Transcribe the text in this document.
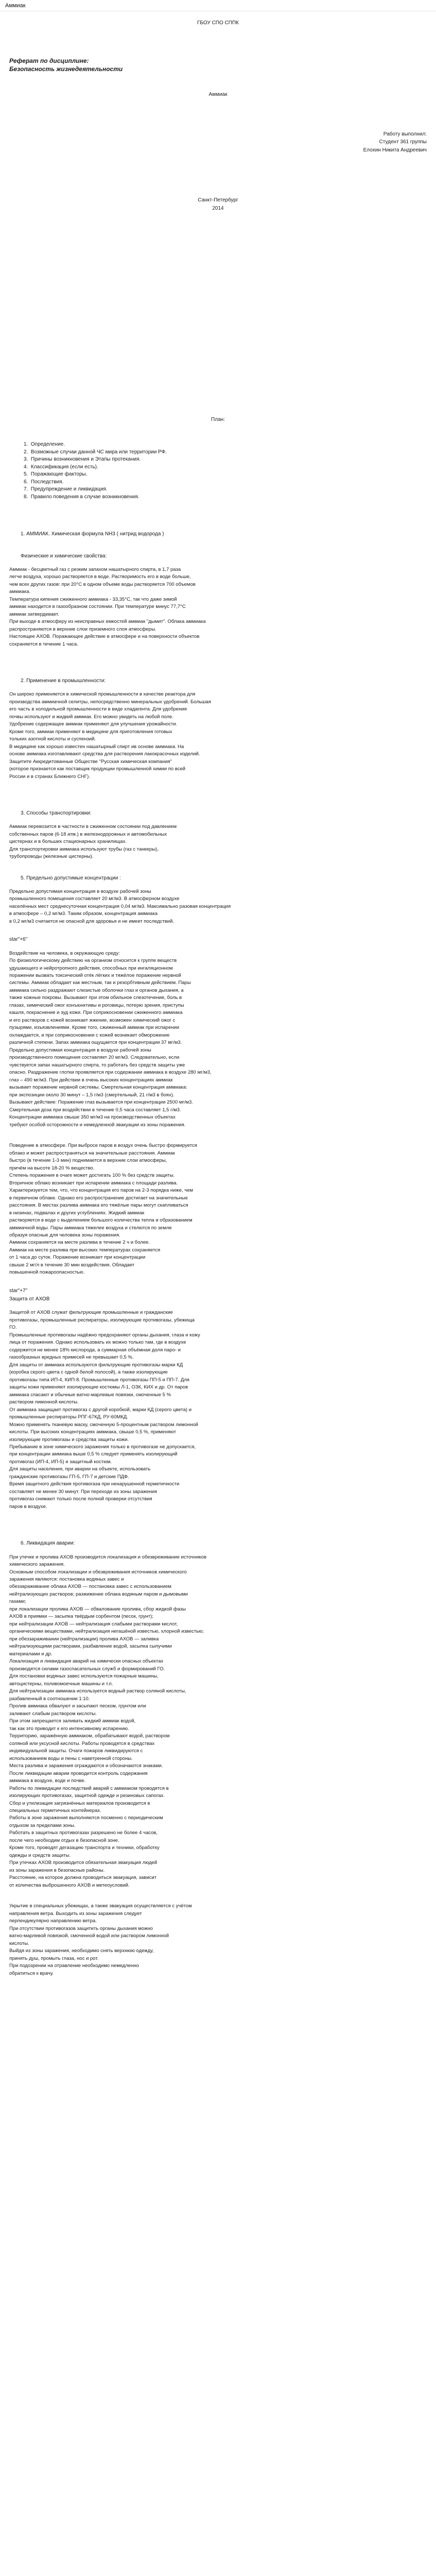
Аммиак
ГБОУ СПО СППК
Реферат по дисциплине:
Безопасность жизнедеятельности
Аммиак
Работу выполнил:
Студент 361 группы
Елохин Никита Андреевич
Санкт-Петербург
2014
План:
1.  Определение.
2.  Возможные случаи данной ЧС мира или территории РФ.
3.  Причины возникновения и Этапы протекания.
4.  Классификация (если есть).
5.  Поражающие факторы.
6.  Последствия.
7.  Предупреждение и ликвидация.
8.  Правило поведения в случае возникновения.
1. АММИАК. Химическая формула NH3 ( нитрид водорода )
Физические и химические свойства:

Аммиак - бесцветный газ с резким запахом нашатырного спирта, в 1,7 раза

легче воздуха, хорошо растворяется в воде. Растворимость его в воде больше,

чем всех других газов: при 20°С в одном объеме воды растворяется 700 объемов

аммиака.

Температура кипения сжиженного аммиака - 33,35°С, так что даже зимой

аммиак находится в газообразном состоянии. При температуре минус 77,7°С

аммиак затвердевает.

При выходе в атмосферу из неисправных емкостей аммиак "дымит". Облака аммиака

распространяются в верхние слои приземного слоя атмосферы.

Настоящее АХОВ. Поражающее действие в атмосфере и на поверхности объектов

сохраняется в течение 1 часа.

2. Применение в промышленности:

Он широко применяется в химической промышленности в качестве реактора для

производства аммиачной селитры, непосредственно минеральных удобрений. Большая

его часть в холодильной промышленности в виде хладагента. Для удобрения

почвы используют и жидкий аммиак. Его можно увидеть на любой поле.

Удобрение содержащее аммиак применяют для улучшения урожайности.

Кроме того, аммиак применяют в медицине для приготовления готовых

тольких азотной кислоты и суспензий.

В медицине как хорошо известен нашатырный спирт ив основе аммиака. На

основе аммиака изготавливают средства для растворения лакокрасочных изделий.

Защитите Аккредитованные Обществе "Русская химическая компания"

(которое признается как поставщик продукции промышленной химии по всей

России и в странах Ближнего СНГ).

3. Способы транспортировки:

Аммиак перевозится в частности в сжиженном состоянии под давлением

собственных паров (6-18 атм.) в железнодорожных и автомобильных

цистернах и в больших стационарных хранилищах.

Для транспортировки аммиака используют трубы (газ с танкеры),

трубопроводы (железные цистерны).

5. Предельно допустимые концентрации :

Предельно допустимая концентрация в воздухе рабочей зоны

промышленного помещения составляет 20 мг/м3. В атмосферном воздухе

населённых мест среднесуточная концентрация 0,04 мг/м3. Максимально разовая концентрация

в атмосфере – 0,2 мг/м3. Таким образом, концентрация аммиака

в 0,2 мг/м3 считается не опасной для здоровья и не имеет последствий.

star"+6"

Воздействие на человека, в окружающую среду:

По физиологическому действию на организм относится к группе веществ

удушающего и нейротропного действия, способных при ингаляционном

поражении вызвать токсический отёк лёгких и тяжёлое поражение нервной

системы. Аммиак обладает как местным, так и резорбтивным действием. Пары

аммиака сильно раздражают слизистые оболочки глаз и органов дыхания, а

также кожные покровы. Вызывают при этом обильное слезотечение, боль в

глазах, химический ожог конъюнктивы и роговицы, потерю зрения, приступы

кашля, покраснение и зуд кожи. При соприкосновении сжиженного аммиака

и его растворов с кожей возникает жжение, возможен химический ожог с

пузырями, изъязвлениями. Кроме того, сжиженный аммиак при испарении

охлаждается, и при соприкосновении с кожей возникает обморожение

различной степени. Запах аммиака ощущается при концентрации 37 мг/м3.

Предельно допустимая концентрация в воздухе рабочей зоны

производственного помещения составляет 20 мг/м3. Следовательно, если

чувствуется запах нашатырного спирта, то работать без средств защиты уже

опасно. Раздражение глотки проявляется при содержании аммиака в воздухе 280 мг/м3,

глаз – 490 мг/м3. При действии в очень высоких концентрациях аммиак

вызывает поражение нервной системы. Смертельная концентрация аммиака:

при экспозиции около 30 минут – 1,5 г/м3 (смертельный, 21 г/м3 в боях).

Вызывают действие: Поражение глаз вызывается при концентрации 2500 мг/м3.

Смертельная доза при воздействии в течение 0,5 часа составляет 1,5 г/м3.

Концентрации аммиака свыше 350 мг/м3 на производственных объектах

требуют особой осторожности и немедленной эвакуации из зоны поражения.

Поведение в атмосфере. При выбросе паров в воздух очень быстро формируется

облако и может распространяться на значительные расстояния. Аммиак

быстро (в течение 1-3 мин) поднимается в верхние слои атмосферы,

причём на высоте 18-20 % вещество.

Степень поражения в очаге может достигать 100 % без средств защиты.

Вторичное облако возникает при испарении аммиака с площади разлива.

Характеризуется тем, что, что концентрация его паров на 2-3 порядка ниже, чем

в первичном облаке. Однако его распространение достигает на значительные

расстояния. В местах разлива аммиака его тяжёлые пары могут скапливаться

в низинах, подвалах и других углублениях. Жидкий аммиак

растворяется в воде с выделением большого количества тепла и образованием

аммиачной воды. Пары аммиака тяжелее воздуха и стелются по земле

образуя опасные для человека зоны поражения.

Аммиак сохраняется на месте разлива в течение 2 ч и более.

Аммиак на месте разлива при высоких температурах сохраняется

от 1 часа до суток. Поражение возникает при концентрации

свыше 2 мг/л в течение 30 мин воздействия. Обладает

повышенной пожароопасностью.

star"+7"
Защита от АХОВ

Защитой от АХОВ служат фильтрующие промышленные и гражданские

противогазы, промышленные респираторы, изолирующие противогазы, убежища

ГО.

Промышленные противогазы надёжно предохраняют органы дыхания, глаза и кожу

лица от поражения. Однако использовать их можно только там, где в воздухе

содержится не менее 18% кислорода, а суммарная объёмная доля паро- и

газообразных вредных примесей не превышает 0,5 %.

Для защиты от аммиака используются фильтрующие противогазы марки КД

(коробка серого цвета с одной белой полосой), а также изолирующие

противогазы типа ИП-4, КИП-8. Промышленные противогазы ПП-5 и ПП-7. Для

защиты кожи применяют изолирующие костюмы Л-1, ОЗК, КИХ и др. От паров

аммиака спасают и обычные ватно-марлевые повязки, смоченные 5 %

раствором лимонной кислоты.

От аммиака защищает противогаз с другой коробкой, марки КД (серого цвета) и

промышленные респираторы РПГ-67КД, РУ-60МКД.

Можно применять тканевую маску, смоченную 5-процентным раствором лимонной

кислоты. При высоких концентрациях аммиака, свыше 0,5 %, применяют

изолирующие противогазы и средства защиты кожи.

Пребывание в зоне химического заражения только в противогазе не допускается,

при концентрации аммиака выше 0,5 % следует применять изолирующий

противогаз (ИП-4, ИП-5) и защитный костюм.

Для защиты населения, при аварии на объекте, использовать

гражданские противогазы ГП-5, ГП-7 и детские ПДФ.

Время защитного действия противогаза при ненарушенной герметичности

составляет не менее 30 минут. При переходе из зоны заражения

противогаз снимают только после полной проверки отсутствия

паров в воздухе.

6. Ликвидация аварии:

При утечке и пролива АХОВ производится локализация и обезвреживание источников

химического заражения.

Основным способом локализации и обезвреживания источников химического

заражения являются: постановка водяных завес и

обеззараживание облака АХОВ — постановка завес с использованием

нейтрализующих растворов; разжижение облака водяным паром и дымовыми

газами;

при локализации пролива АХОВ — обвалование пролива, сбор жидкой фазы

АХОВ в приямки — засыпка твёрдым сорбентом (песок, грунт);

при нейтрализации АХОВ — нейтрализация слабыми растворами кислот,

органическими веществами, нейтрализация негашёной известью, хлорной известью;

при обеззараживании (нейтрализации) пролива АХОВ — заливка

нейтрализующими растворами, разбавление водой, засыпка сыпучими

материалами и др.

Локализация и ликвидация аварий на химически опасных объектах

производятся силами газоспасательных служб и формирований ГО.

Для постановки водяных завес используются пожарные машины,

автоцистерны, поливомоечные машины и т.п.

Для нейтрализации аммиака используется водный раствор соляной кислоты,

разбавленный в соотношении 1:10.

Пролив аммиака обвалуют и засыпают песком, грунтом или

заливают слабым раствором кислоты.

При этом запрещается заливать жидкий аммиак водой,

так как это приводит к его интенсивному испарению.

Территорию, заражённую аммиаком, обрабатывают водой, раствором

соляной или уксусной кислоты. Работы проводятся в средствах

индивидуальной защиты. Очаги пожаров ликвидируются с

использованием воды и пены с наветренной стороны.

Места разлива и заражения ограждаются и обозначаются знаками.

После ликвидации аварии проводится контроль содержания

аммиака в воздухе, воде и почве.

Работы по ликвидации последствий аварий с аммиаком проводятся в

изолирующих противогазах, защитной одежде и резиновых сапогах.

Сбор и утилизация загрязнённых материалов производится в

специальных герметичных контейнерах.

Работы в зоне заражения выполняются посменно с периодическим

отдыхом за пределами зоны.

Работать в защитных противогазах разрешено не более 4 часов,

после чего необходим отдых в безопасной зоне.

Кроме того, проводят дегазацию транспорта и техники, обработку

одежды и средств защиты.

При утечках АХОВ производится обязательная эвакуация людей

из зоны заражения в безопасные районы.

Расстояние, на которое должна проводиться эвакуация, зависит

от количества выброшенного АХОВ и метеоусловий.

Укрытие в специальных убежищах, а также эвакуация осуществляется с учётом

направления ветра. Выходить из зоны заражения следует

перпендикулярно направлению ветра.

При отсутствии противогазов защитить органы дыхания можно

ватно-марлевой повязкой, смоченной водой или раствором лимонной

кислоты.

Выйдя из зоны заражения, необходимо снять верхнюю одежду,

принять душ, промыть глаза, нос и рот.

При подозрении на отравление необходимо немедленно

обратиться к врачу.
